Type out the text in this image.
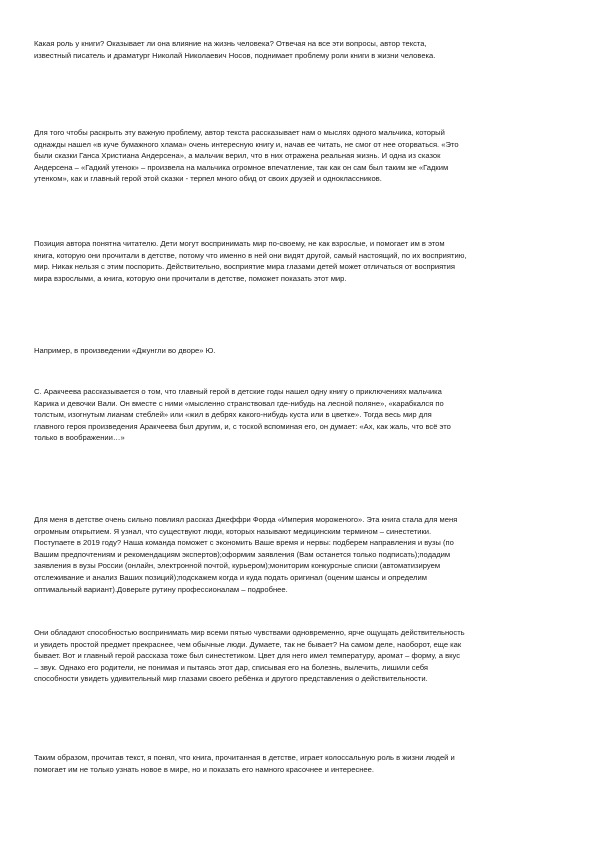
Какая роль у книги? Оказывает ли она влияние на жизнь человека? Отвечая на все эти вопросы, автор текста,
известный писатель и драматург Николай Николаевич Носов, поднимает проблему роли книги в жизни человека.
Для того чтобы раскрыть эту важную проблему, автор текста рассказывает нам о мыслях одного мальчика, который
однажды нашел «в куче бумажного хлама» очень интересную книгу и, начав ее читать, не смог от нее оторваться. «Это
были сказки Ганса Христиана Андерсена», а мальчик верил, что в них отражена реальная жизнь. И одна из сказок
Андерсена – «Гадкий утенок» – произвела на мальчика огромное впечатление, так как он сам был таким же «Гадким
утенком», как и главный герой этой сказки - терпел много обид от своих друзей и одноклассников.
Позиция автора понятна читателю. Дети могут воспринимать мир по-своему, не как взрослые, и помогает им в этом
книга, которую они прочитали в детстве, потому что именно в ней они видят другой, самый настоящий, по их восприятию,
мир. Никак нельзя с этим поспорить. Действительно, восприятие мира глазами детей может отличаться от восприятия
мира взрослыми, а книга, которую они прочитали в детстве, поможет показать этот мир.
Например, в произведении «Джунгли во дворе» Ю.
С. Аракчеева рассказывается о том, что главный герой в детские годы нашел одну книгу о приключениях мальчика
Карика и девочки Вали. Он вместе с ними «мысленно странствовал где-нибудь на лесной поляне», «карабкался по
толстым, изогнутым лианам стеблей» или «жил в дебрях какого-нибудь куста или в цветке». Тогда весь мир для
главного героя произведения Аракчеева был другим, и, с тоской вспоминая его, он думает: «Ах, как жаль, что всё это
только в воображении…»
Для меня в детстве очень сильно повлиял рассказ Джеффри Форда «Империя мороженого». Эта книга стала для меня
огромным открытием. Я узнал, что существуют люди, которых называют медицинским термином – синестетики.
Поступаете в 2019 году? Наша команда поможет с экономить Ваше время и нервы: подберем направления и вузы (по
Вашим предпочтениям и рекомендациям экспертов);оформим заявления (Вам останется только подписать);подадим
заявления в вузы России (онлайн, электронной почтой, курьером);мониторим конкурсные списки (автоматизируем
отслеживание и анализ Ваших позиций);подскажем когда и куда подать оригинал (оценим шансы и определим
оптимальный вариант).Доверьте рутину профессионалам – подробнее.
Они обладают способностью воспринимать мир всеми пятью чувствами одновременно, ярче ощущать действительность
и увидеть простой предмет прекраснее, чем обычные люди. Думаете, так не бывает? На самом деле, наоборот, еще как
бывает. Вот и главный герой рассказа тоже был синестетиком. Цвет для него имел температуру, аромат – форму, а вкус
– звук. Однако его родители, не понимая и пытаясь этот дар, списывая его на болезнь, вылечить, лишили себя
способности увидеть удивительный мир глазами своего ребёнка и другого представления о действительности.
Таким образом, прочитав текст, я понял, что книга, прочитанная в детстве, играет колоссальную роль в жизни людей и
помогает им не только узнать новое в мире, но и показать его намного красочнее и интереснее.
